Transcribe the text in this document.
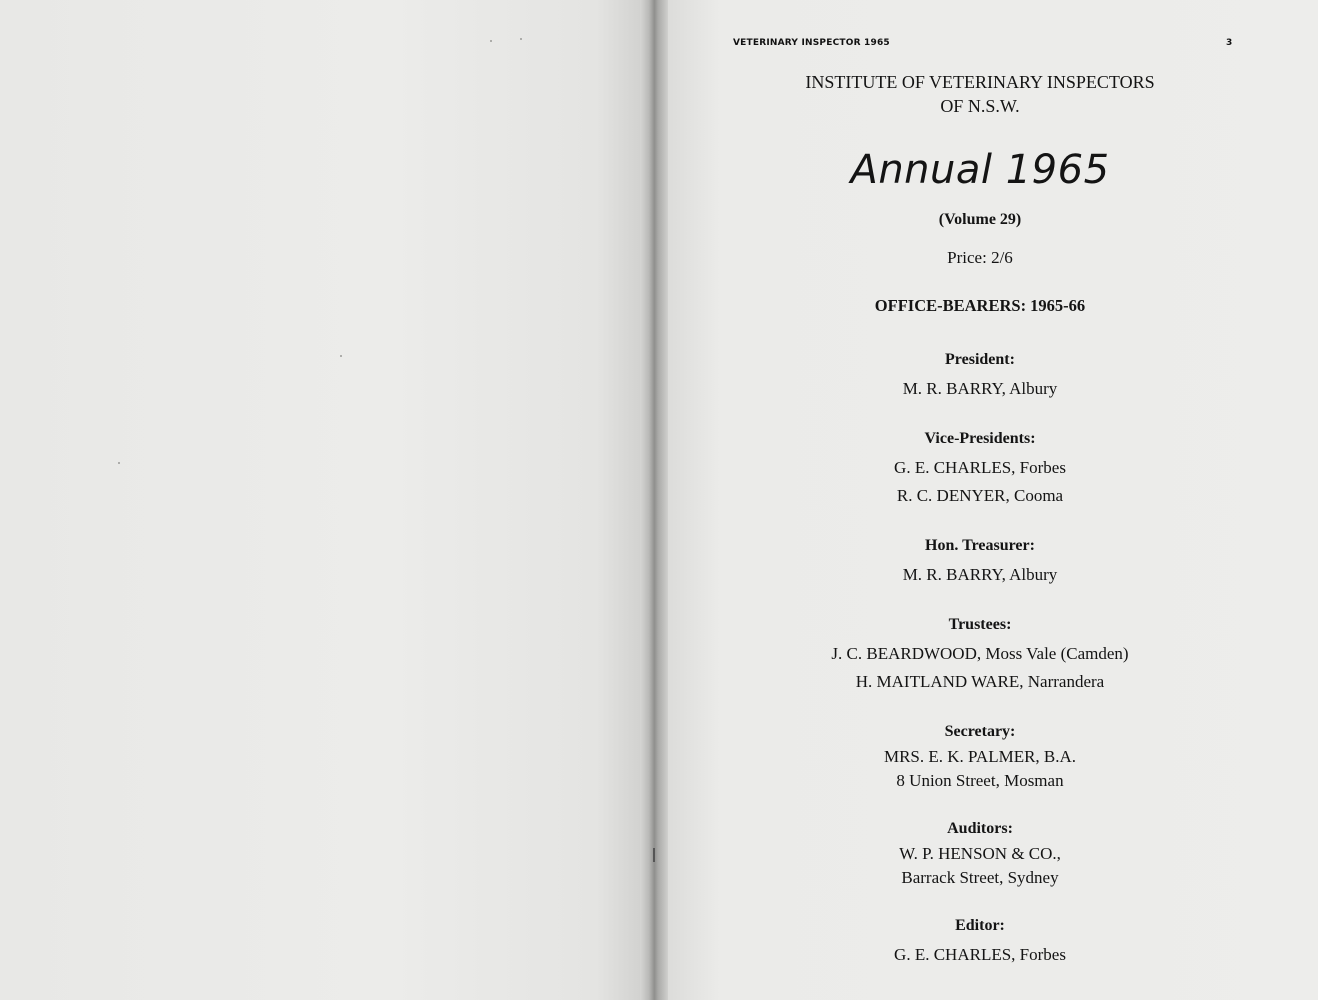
VETERINARY INSPECTOR 1965	3

INSTITUTE OF VETERINARY INSPECTORS

OF N.S.W.

Annual 1965

(Volume 29)

Price: 2/6

OFFICE-BEARERS: 1965-66

President:

M. R. BARRY, Albury

Vice-Presidents:

G. E. CHARLES, Forbes

R. C. DENYER, Cooma

Hon. Treasurer:

M. R. BARRY, Albury

Trustees:

J. C. BEARDWOOD, Moss Vale (Camden)

H. MAITLAND WARE, Narrandera

Secretary:

MRS. E. K. PALMER, B.A.

8 Union Street, Mosman

Auditors:

W. P. HENSON & CO.,

Barrack Street, Sydney

Editor:

G. E. CHARLES, Forbes
